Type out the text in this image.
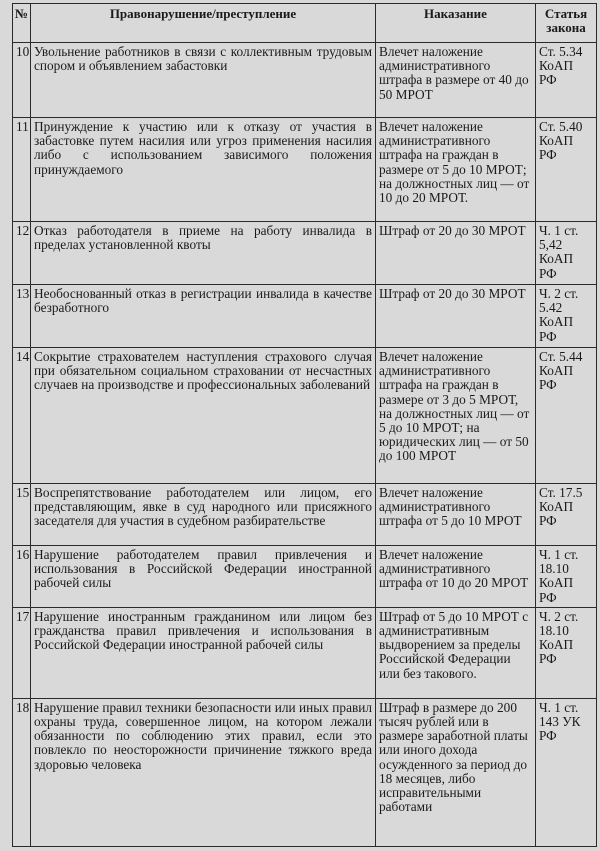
№	Правонарушение/преступление	Наказание	Статья закона
10	Увольнение работников в связи с коллективным трудовым спором и объявлением забастовки	Влечет наложение административного штрафа в размере от 40 до 50 МРОТ	Ст. 5.34 КоАП РФ
11	Принуждение к участию или к отказу от участия в забастовке путем насилия или угроз применения насилия либо с использованием зависимого положения принуждаемого	Влечет наложение административного штрафа на граждан в размере от 5 до 10 МРОТ; на должностных лиц — от 10 до 20 МРОТ.	Ст. 5.40 КоАП РФ
12	Отказ работодателя в приеме на работу инвалида в пределах установленной квоты	Штраф от 20 до 30 МРОТ	Ч. 1 ст. 5,42 КоАП РФ
13	Необоснованный отказ в регистрации инвалида в качестве безработного	Штраф от 20 до 30 МРОТ	Ч. 2 ст. 5.42 КоАП РФ
14	Сокрытие страхователем наступления страхового случая при обязательном социальном страховании от несчастных случаев на производстве и профессиональных заболеваний	Влечет наложение административного штрафа на граждан в размере от 3 до 5 МРОТ, на должностных лиц — от 5 до 10 МРОТ; на юридических лиц — от 50 до 100 МРОТ	Ст. 5.44 КоАП РФ
15	Воспрепятствование работодателем или лицом, его представляющим, явке в суд народного или присяжного заседателя для участия в судебном разбирательстве	Влечет наложение административного штрафа от 5 до 10 МРОТ	Ст. 17.5 КоАП РФ
16	Нарушение работодателем правил привлечения и использования в Российской Федерации иностранной рабочей силы	Влечет наложение административного штрафа от 10 до 20 МРОТ	Ч. 1 ст. 18.10 КоАП РФ
17	Нарушение иностранным гражданином или лицом без гражданства правил привлечения и использования в Российской Федерации иностранной рабочей силы	Штраф от 5 до 10 МРОТ с административным выдворением за пределы Российской Федерации или без такового.	Ч. 2 ст. 18.10 КоАП РФ
18	Нарушение правил техники безопасности или иных правил охраны труда, совершенное лицом, на котором лежали обязанности по соблюдению этих правил, если это повлекло по неосторожности причинение тяжкого вреда здоровью человека	Штраф в размере до 200 тысяч рублей или в размере заработной платы или иного дохода осужденного за период до 18 месяцев, либо исправительными работами	Ч. 1 ст. 143 УК РФ
